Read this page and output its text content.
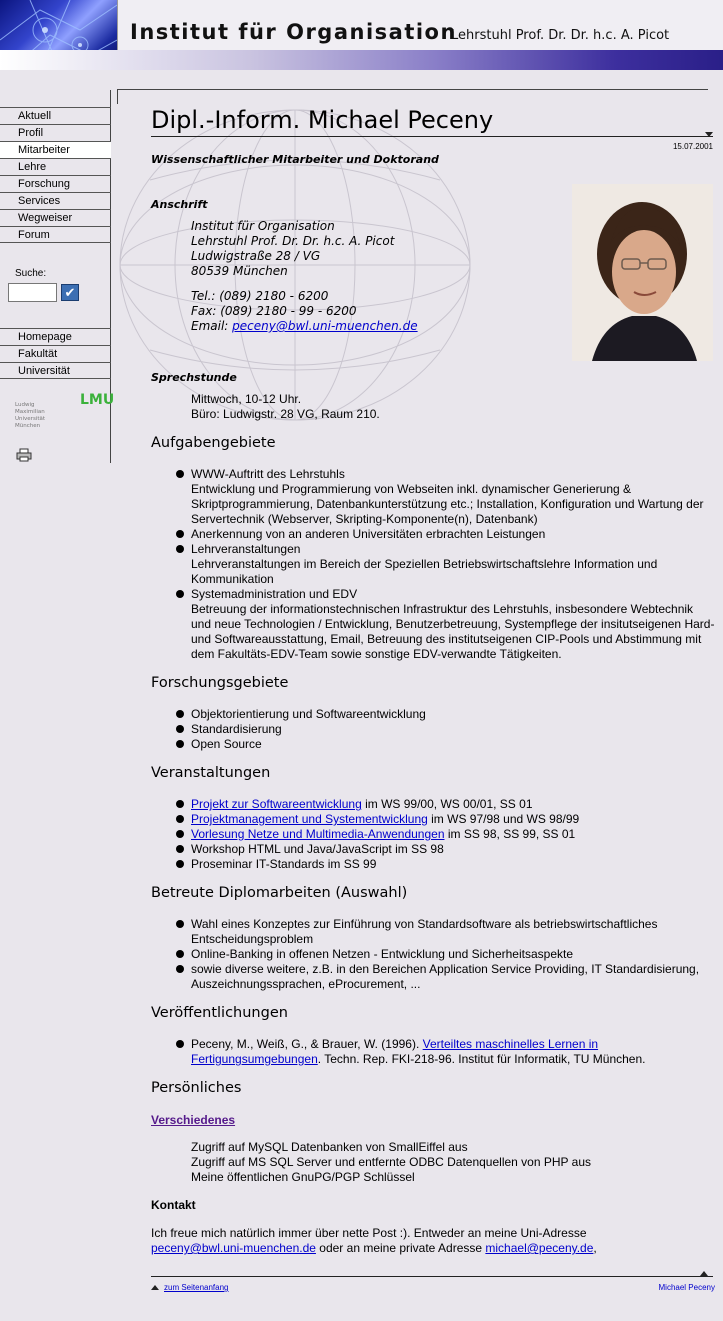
Institut für Organisation
Lehrstuhl Prof. Dr. Dr. h.c. A. Picot
Aktuell
Profil
Mitarbeiter
Lehre
Forschung
Services
Wegweiser
Forum
Suche:
✔
Homepage
Fakultät
Universität
LMU
Ludwig
Maximilian
Universität
München
Dipl.-Inform. Michael Peceny
15.07.2001
Wissenschaftlicher Mitarbeiter und Doktorand
Anschrift
Institut für Organisation
Lehrstuhl Prof. Dr. Dr. h.c. A. Picot
Ludwigstraße 28 / VG
80539 München
Tel.: (089) 2180 - 6200
Fax: (089) 2180 - 99 - 6200
Email: peceny@bwl.uni-muenchen.de
Sprechstunde
Mittwoch, 10-12 Uhr.
Büro: Ludwigstr. 28 VG, Raum 210.
Aufgabengebiete
WWW-Auftritt des Lehrstuhls
Entwicklung und Programmierung von Webseiten inkl. dynamischer Generierung & Skriptprogrammierung, Datenbankunterstützung etc.; Installation, Konfiguration und Wartung der Servertechnik (Webserver, Skripting-Komponente(n), Datenbank)
Anerkennung von an anderen Universitäten erbrachten Leistungen
Lehrveranstaltungen
Lehrveranstaltungen im Bereich der Speziellen Betriebswirtschaftslehre Information und Kommunikation
Systemadministration und EDV
Betreuung der informationstechnischen Infrastruktur des Lehrstuhls, insbesondere Webtechnik und neue Technologien / Entwicklung, Benutzerbetreuung, Systempflege der insitutseigenen Hard- und Softwareausstattung, Email, Betreuung des institutseigenen CIP-Pools und Abstimmung mit dem Fakultäts-EDV-Team sowie sonstige EDV-verwandte Tätigkeiten.
Forschungsgebiete
Objektorientierung und Softwareentwicklung
Standardisierung
Open Source
Veranstaltungen
Projekt zur Softwareentwicklung im WS 99/00, WS 00/01, SS 01
Projektmanagement und Systementwicklung im WS 97/98 und WS 98/99
Vorlesung Netze und Multimedia-Anwendungen im SS 98, SS 99, SS 01
Workshop HTML und Java/JavaScript im SS 98
Proseminar IT-Standards im SS 99
Betreute Diplomarbeiten (Auswahl)
Wahl eines Konzeptes zur Einführung von Standardsoftware als betriebswirtschaftliches Entscheidungsproblem
Online-Banking in offenen Netzen - Entwicklung und Sicherheitsaspekte
sowie diverse weitere, z.B. in den Bereichen Application Service Providing, IT Standardisierung, Auszeichnungssprachen, eProcurement, ...
Veröffentlichungen
Peceny, M., Weiß, G., & Brauer, W. (1996). Verteiltes maschinelles Lernen in Fertigungsumgebungen. Techn. Rep. FKI-218-96. Institut für Informatik, TU München.
Persönliches
Verschiedenes
Zugriff auf MySQL Datenbanken von SmallEiffel aus
Zugriff auf MS SQL Server und entfernte ODBC Datenquellen von PHP aus
Meine öffentlichen GnuPG/PGP Schlüssel
Kontakt
Ich freue mich natürlich immer über nette Post :). Entweder an meine Uni-Adresse
peceny@bwl.uni-muenchen.de oder an meine private Adresse michael@peceny.de,
zum Seitenanfang	Michael Peceny
